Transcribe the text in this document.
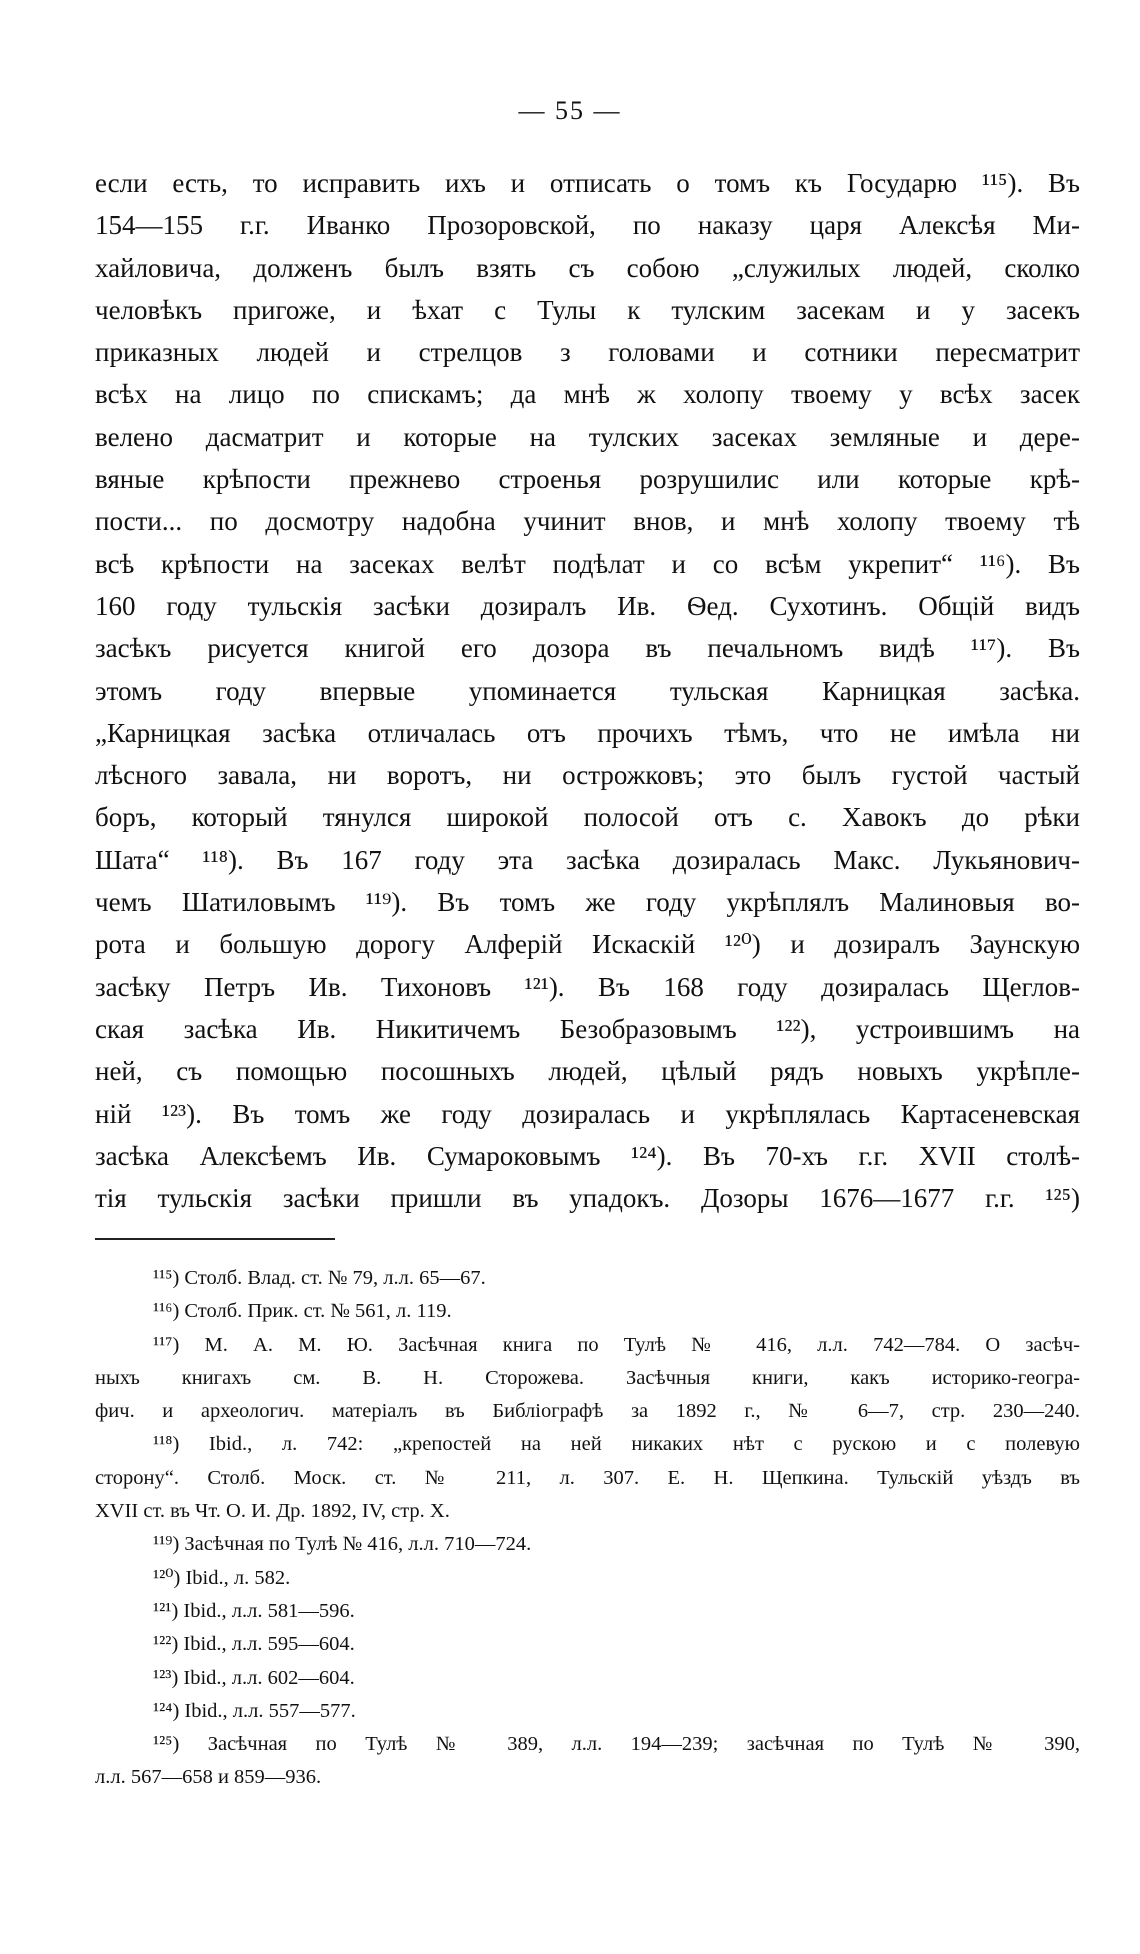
— 55 —
если есть, то исправить ихъ и отписать о томъ къ Государю ¹¹⁵). Въ
154—155 г.г. Иванко Прозоровской, по наказу царя Алексѣя Ми-
хайловича, долженъ былъ взять съ собою „служилых людей, сколко
человѣкъ пригоже, и ѣхат с Тулы к тулским засекам и у засекъ
приказных людей и стрелцов з головами и сотники пересматрит
всѣх на лицо по спискамъ; да мнѣ ж холопу твоему у всѣх засек
велено дасматрит и которые на тулских засеках земляные и дере-
вяные крѣпости прежнево строенья розрушилис или которые крѣ-
пости... по досмотру надобна учинит внов, и мнѣ холопу твоему тѣ
всѣ крѣпости на засеках велѣт подѣлат и со всѣм укрепит“ ¹¹⁶). Въ
160 году тульскія засѣки дозиралъ Ив. Ѳед. Сухотинъ. Общій видъ
засѣкъ рисуется книгой его дозора въ печальномъ видѣ ¹¹⁷). Въ
этомъ году впервые упоминается тульская Карницкая засѣка.
„Карницкая засѣка отличалась отъ прочихъ тѣмъ, что не имѣла ни
лѣсного завала, ни воротъ, ни острожковъ; это былъ густой частый
боръ, который тянулся широкой полосой отъ с. Хавокъ до рѣки
Шата“ ¹¹⁸). Въ 167 году эта засѣка дозиралась Макс. Лукьянович-
чемъ Шатиловымъ ¹¹⁹). Въ томъ же году укрѣплялъ Малиновыя во-
рота и большую дорогу Алферій Искаскій ¹²⁰) и дозиралъ Заунскую
засѣку Петръ Ив. Тихоновъ ¹²¹). Въ 168 году дозиралась Щеглов-
ская засѣка Ив. Никитичемъ Безобразовымъ ¹²²), устроившимъ на
ней, съ помощью посошныхъ людей, цѣлый рядъ новыхъ укрѣпле-
ній ¹²³). Въ томъ же году дозиралась и укрѣплялась Картасеневская
засѣка Алексѣемъ Ив. Сумароковымъ ¹²⁴). Въ 70-хъ г.г. XVII столѣ-
тія тульскія засѣки пришли въ упадокъ. Дозоры 1676—1677 г.г. ¹²⁵)
¹¹⁵) Столб. Влад. ст. № 79, л.л. 65—67.
¹¹⁶) Столб. Прик. ст. № 561, л. 119.
¹¹⁷) М. А. М. Ю. Засѣчная книга по Тулѣ № 416, л.л. 742—784. О засѣч-
ныхъ книгахъ см. В. Н. Сторожева. Засѣчныя книги, какъ историко-геогра-
фич. и археологич. матеріалъ въ Библіографѣ за 1892 г., № 6—7, стр. 230—240.
¹¹⁸) Ibid., л. 742: „крепостей на ней никаких нѣт с рускою и с полевую
сторону“. Столб. Моск. ст. № 211, л. 307. Е. Н. Щепкина. Тульскій уѣздъ въ
XVII ст. въ Чт. О. И. Др. 1892, IV, стр. X.
¹¹⁹) Засѣчная по Тулѣ № 416, л.л. 710—724.
¹²⁰) Ibid., л. 582.
¹²¹) Ibid., л.л. 581—596.
¹²²) Ibid., л.л. 595—604.
¹²³) Ibid., л.л. 602—604.
¹²⁴) Ibid., л.л. 557—577.
¹²⁵) Засѣчная по Тулѣ № 389, л.л. 194—239; засѣчная по Тулѣ № 390,
л.л. 567—658 и 859—936.
